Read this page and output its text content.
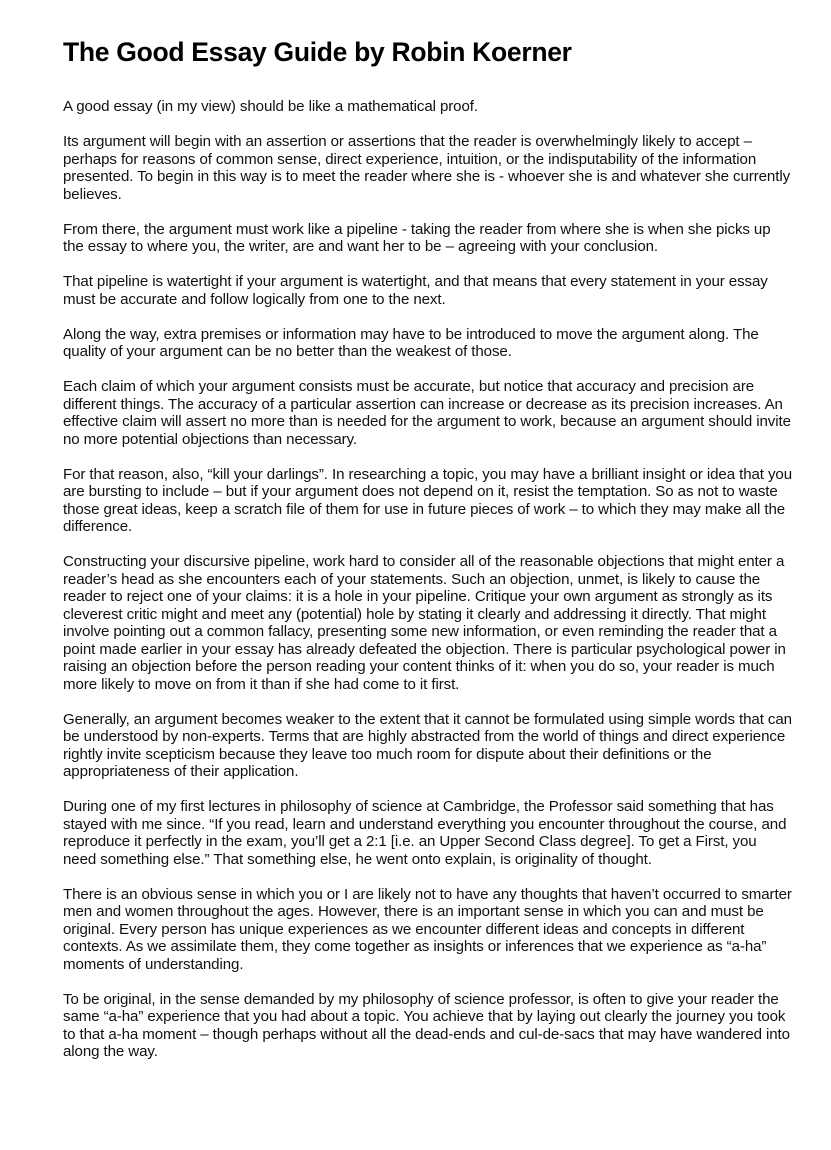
The Good Essay Guide by Robin Koerner

A good essay (in my view) should be like a mathematical proof.

Its argument will begin with an assertion or assertions that the reader is overwhelmingly likely to accept – perhaps for reasons of common sense, direct experience, intuition, or the indisputability of the information presented. To begin in this way is to meet the reader where she is - whoever she is and whatever she currently believes.

From there, the argument must work like a pipeline - taking the reader from where she is when she picks up the essay to where you, the writer, are and want her to be – agreeing with your conclusion.

That pipeline is watertight if your argument is watertight, and that means that every statement in your essay must be accurate and follow logically from one to the next.

Along the way, extra premises or information may have to be introduced to move the argument along. The quality of your argument can be no better than the weakest of those.

Each claim of which your argument consists must be accurate, but notice that accuracy and precision are different things. The accuracy of a particular assertion can increase or decrease as its precision increases. An effective claim will assert no more than is needed for the argument to work, because an argument should invite no more potential objections than necessary.

For that reason, also, “kill your darlings”. In researching a topic, you may have a brilliant insight or idea that you are bursting to include – but if your argument does not depend on it, resist the temptation. So as not to waste those great ideas, keep a scratch file of them for use in future pieces of work – to which they may make all the difference.

Constructing your discursive pipeline, work hard to consider all of the reasonable objections that might enter a reader’s head as she encounters each of your statements. Such an objection, unmet, is likely to cause the reader to reject one of your claims: it is a hole in your pipeline. Critique your own argument as strongly as its cleverest critic might and meet any (potential) hole by stating it clearly and addressing it directly. That might involve pointing out a common fallacy, presenting some new information, or even reminding the reader that a point made earlier in your essay has already defeated the objection. There is particular psychological power in raising an objection before the person reading your content thinks of it: when you do so, your reader is much more likely to move on from it than if she had come to it first.

Generally, an argument becomes weaker to the extent that it cannot be formulated using simple words that can be understood by non-experts. Terms that are highly abstracted from the world of things and direct experience rightly invite scepticism because they leave too much room for dispute about their definitions or the appropriateness of their application.

During one of my first lectures in philosophy of science at Cambridge, the Professor said something that has stayed with me since. “If you read, learn and understand everything you encounter throughout the course, and reproduce it perfectly in the exam, you’ll get a 2:1 [i.e. an Upper Second Class degree]. To get a First, you need something else.” That something else, he went onto explain, is originality of thought.

There is an obvious sense in which you or I are likely not to have any thoughts that haven’t occurred to smarter men and women throughout the ages. However, there is an important sense in which you can and must be original. Every person has unique experiences as we encounter different ideas and concepts in different contexts. As we assimilate them, they come together as insights or inferences that we experience as “a-ha” moments of understanding.

To be original, in the sense demanded by my philosophy of science professor, is often to give your reader the same “a-ha” experience that you had about a topic. You achieve that by laying out clearly the journey you took to that a-ha moment – though perhaps without all the dead-ends and cul-de-sacs that may have wandered into along the way.
